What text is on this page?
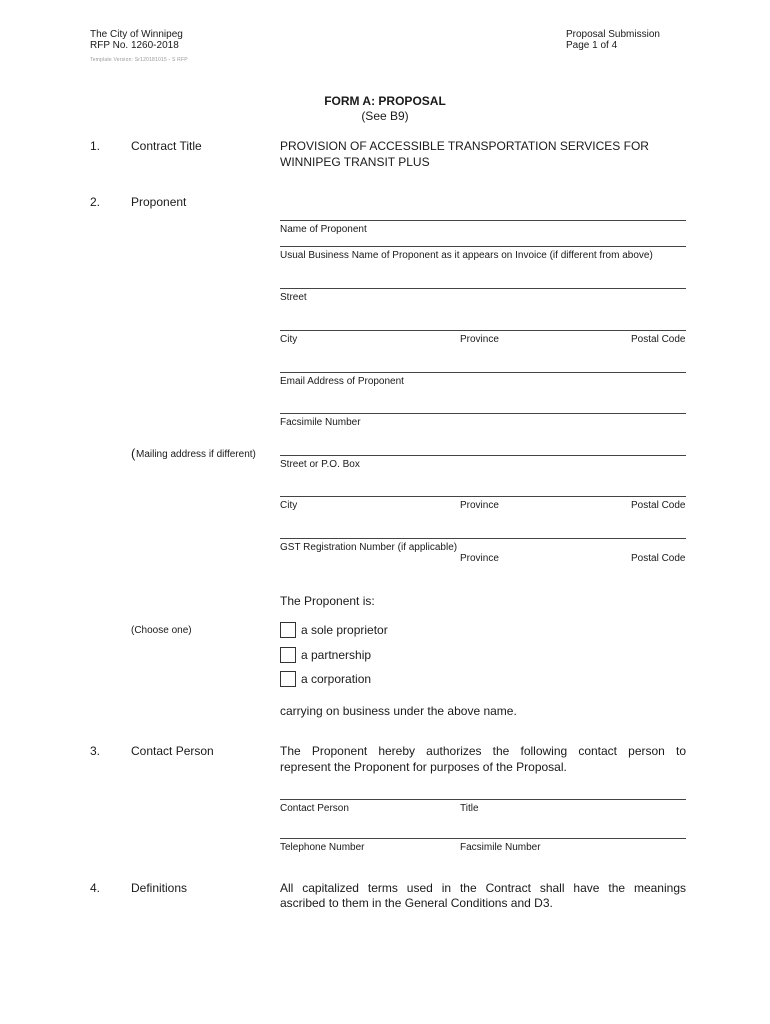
The City of Winnipeg
RFP No. 1260-2018
Proposal Submission
Page 1 of 4
Template Version: Sr120181015 - S RFP
FORM A: PROPOSAL
(See B9)
1.	Contract Title	PROVISION OF ACCESSIBLE TRANSPORTATION SERVICES FOR
WINNIPEG TRANSIT PLUS
2.	Proponent
Name of Proponent
Usual Business Name of Proponent as it appears on Invoice (if different from above)
Street
City	Province	Postal Code
Email Address of Proponent
Facsimile Number
( Mailing address if different)
Street or P.O. Box
City	Province	Postal Code
GST Registration Number (if applicable)
Province	Postal Code
The Proponent is:
(Choose one)	a sole proprietor
a partnership
a corporation
carrying on business under the above name.
3.	Contact Person	The Proponent hereby authorizes the following contact person to
represent the Proponent for purposes of the Proposal.
Contact Person	Title
Telephone Number	Facsimile Number
4.	Definitions	All capitalized terms used in the Contract shall have the meanings
ascribed to them in the General Conditions and D3.
